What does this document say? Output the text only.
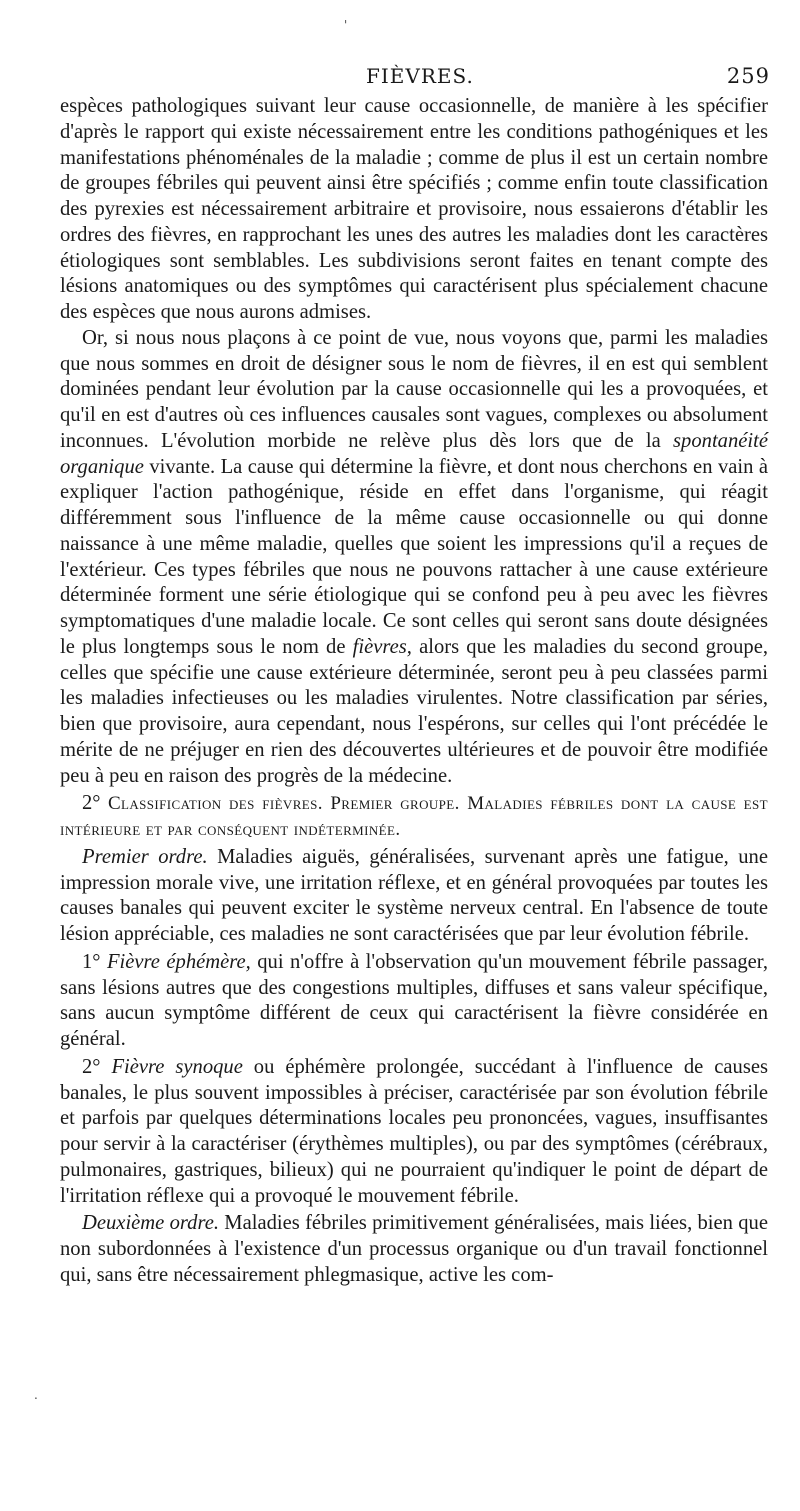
FIÈVRES.	259

espèces pathologiques suivant leur cause occasionnelle, de manière à les spécifier d'après le rapport qui existe nécessairement entre les conditions pathogéniques et les manifestations phénoménales de la maladie ; comme de plus il est un certain nombre de groupes fébriles qui peuvent ainsi être spécifiés ; comme enfin toute classification des pyrexies est nécessairement arbitraire et provisoire, nous essaierons d'établir les ordres des fièvres, en rapprochant les unes des autres les maladies dont les caractères étiologiques sont semblables. Les subdivisions seront faites en tenant compte des lésions anatomiques ou des symptômes qui caractérisent plus spécialement chacune des espèces que nous aurons admises.

Or, si nous nous plaçons à ce point de vue, nous voyons que, parmi les maladies que nous sommes en droit de désigner sous le nom de fièvres, il en est qui semblent dominées pendant leur évolution par la cause occasionnelle qui les a provoquées, et qu'il en est d'autres où ces influences causales sont vagues, complexes ou absolument inconnues. L'évolution morbide ne relève plus dès lors que de la spontanéité organique vivante. La cause qui détermine la fièvre, et dont nous cherchons en vain à expliquer l'action pathogénique, réside en effet dans l'organisme, qui réagit différemment sous l'influence de la même cause occasionnelle ou qui donne naissance à une même maladie, quelles que soient les impressions qu'il a reçues de l'extérieur. Ces types fébriles que nous ne pouvons rattacher à une cause extérieure déterminée forment une série étiologique qui se confond peu à peu avec les fièvres symptomatiques d'une maladie locale. Ce sont celles qui seront sans doute désignées le plus longtemps sous le nom de fièvres, alors que les maladies du second groupe, celles que spécifie une cause extérieure déterminée, seront peu à peu classées parmi les maladies infectieuses ou les maladies virulentes. Notre classification par séries, bien que provisoire, aura cependant, nous l'espérons, sur celles qui l'ont précédée le mérite de ne préjuger en rien des découvertes ultérieures et de pouvoir être modifiée peu à peu en raison des progrès de la médecine.

2° Classification des fièvres. Premier groupe. Maladies fébriles dont la cause est intérieure et par conséquent indéterminée.

Premier ordre. Maladies aiguës, généralisées, survenant après une fatigue, une impression morale vive, une irritation réflexe, et en général provoquées par toutes les causes banales qui peuvent exciter le système nerveux central. En l'absence de toute lésion appréciable, ces maladies ne sont caractérisées que par leur évolution fébrile.

1° Fièvre éphémère, qui n'offre à l'observation qu'un mouvement fébrile passager, sans lésions autres que des congestions multiples, diffuses et sans valeur spécifique, sans aucun symptôme différent de ceux qui caractérisent la fièvre considérée en général.

2° Fièvre synoque ou éphémère prolongée, succédant à l'influence de causes banales, le plus souvent impossibles à préciser, caractérisée par son évolution fébrile et parfois par quelques déterminations locales peu prononcées, vagues, insuffisantes pour servir à la caractériser (érythèmes multiples), ou par des symptômes (cérébraux, pulmonaires, gastriques, bilieux) qui ne pourraient qu'indiquer le point de départ de l'irritation réflexe qui a provoqué le mouvement fébrile.

Deuxième ordre. Maladies fébriles primitivement généralisées, mais liées, bien que non subordonnées à l'existence d'un processus organique ou d'un travail fonctionnel qui, sans être nécessairement phlegmasique, active les com-

'
.
